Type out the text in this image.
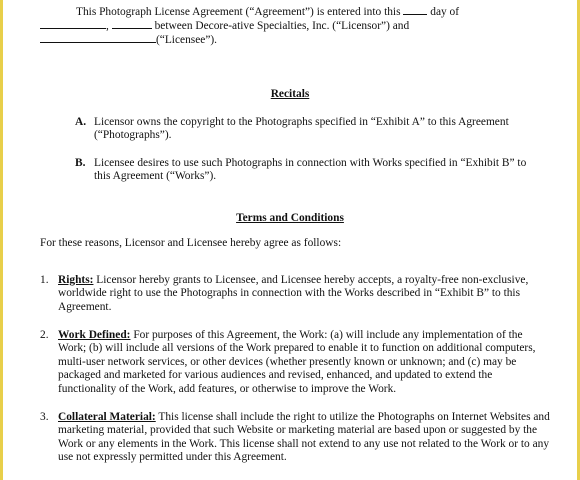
This Photograph License Agreement (“Agreement”) is entered into this	day of
,	between Decore-ative Specialties, Inc. (“Licensor”) and
(“Licensee”).
Recitals
A. Licensor owns the copyright to the Photographs specified in “Exhibit A” to this Agreement (“Photographs”).
B. Licensee desires to use such Photographs in connection with Works specified in “Exhibit B” to this Agreement (“Works”).
Terms and Conditions
For these reasons, Licensor and Licensee hereby agree as follows:
1. Rights: Licensor hereby grants to Licensee, and Licensee hereby accepts, a royalty-free non-exclusive, worldwide right to use the Photographs in connection with the Works described in “Exhibit B” to this Agreement.
2. Work Defined: For purposes of this Agreement, the Work: (a) will include any implementation of the Work; (b) will include all versions of the Work prepared to enable it to function on additional computers, multi-user network services, or other devices (whether presently known or unknown; and (c) may be packaged and marketed for various audiences and revised, enhanced, and updated to extend the functionality of the Work, add features, or otherwise to improve the Work.
3. Collateral Material: This license shall include the right to utilize the Photographs on Internet Websites and marketing material, provided that such Website or marketing material are based upon or suggested by the Work or any elements in the Work. This license shall not extend to any use not related to the Work or to any use not expressly permitted under this Agreement.
